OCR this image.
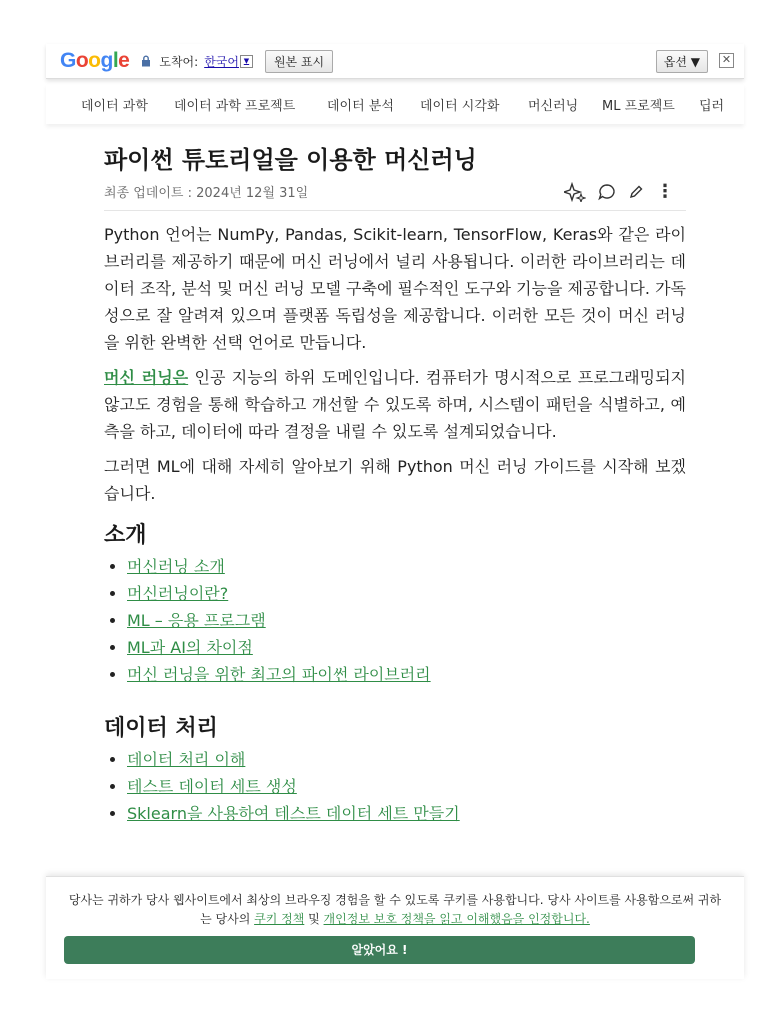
Google	도착어: 한국어 ▼	원본 표시	옵션 ▼	✕
데이터 과학 데이터 과학 프로젝트 데이터 분석 데이터 시각화 머신러닝 ML 프로젝트 딥러
파이썬 튜토리얼을 이용한 머신러닝
최종 업데이트 : 2024년 12월 31일	⋮

Python 언어는 NumPy, Pandas, Scikit-learn, TensorFlow, Keras와 같은 라이브러리를 제공하기 때문에 머신 러닝에서 널리 사용됩니다. 이러한 라이브러리는 데이터 조작, 분석 및 머신 러닝 모델 구축에 필수적인 도구와 기능을 제공합니다. 가독성으로 잘 알려져 있으며 플랫폼 독립성을 제공합니다. 이러한 모든 것이 머신 러닝을 위한 완벽한 선택 언어로 만듭니다.

머신 러닝은 인공 지능의 하위 도메인입니다. 컴퓨터가 명시적으로 프로그래밍되지 않고도 경험을 통해 학습하고 개선할 수 있도록 하며, 시스템이 패턴을 식별하고, 예측을 하고, 데이터에 따라 결정을 내릴 수 있도록 설계되었습니다.

그러면 ML에 대해 자세히 알아보기 위해 Python 머신 러닝 가이드를 시작해 보겠습니다.

소개
• 머신러닝 소개
• 머신러닝이란?
• ML – 응용 프로그램
• ML과 AI의 차이점
• 머신 러닝을 위한 최고의 파이썬 라이브러리
데이터 처리
• 데이터 처리 이해
• 테스트 데이터 세트 생성
• Sklearn을 사용하여 테스트 데이터 세트 만들기
당사는 귀하가 당사 웹사이트에서 최상의 브라우징 경험을 할 수 있도록 쿠키를 사용합니다. 당사 사이트를 사용함으로써 귀하는 당사의 쿠키 정책 및 개인정보 보호 정책을 읽고 이해했음을 인정합니다.
알았어요 !
